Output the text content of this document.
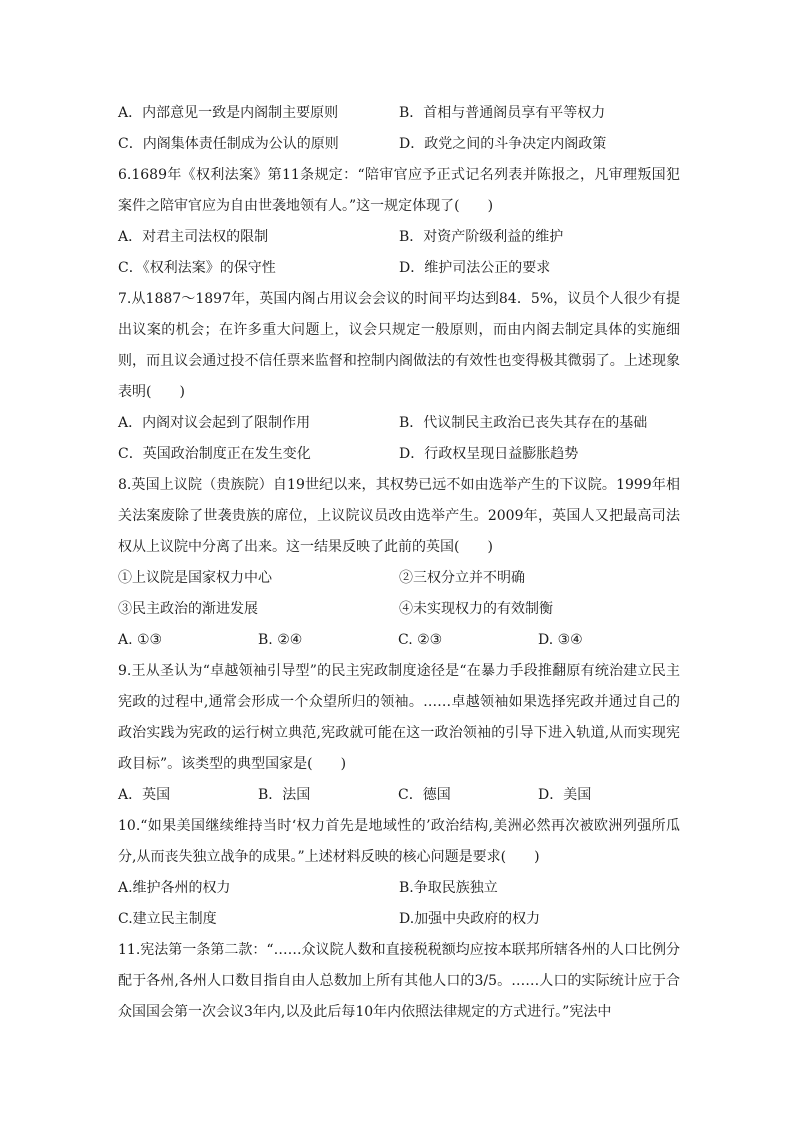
A．内部意见一致是内阁制主要原则	B．首相与普通阁员享有平等权力
C．内阁集体责任制成为公认的原则	D．政党之间的斗争决定内阁政策
6.1689年《权利法案》第11条规定：“陪审官应予正式记名列表并陈报之，凡审理叛国犯案件之陪审官应为自由世袭地领有人。”这一规定体现了(　　)
A．对君主司法权的限制	B．对资产阶级利益的维护
C．《权利法案》的保守性	D．维护司法公正的要求
7.从1887～1897年，英国内阁占用议会会议的时间平均达到84．5%，议员个人很少有提出议案的机会；在许多重大问题上，议会只规定一般原则，而由内阁去制定具体的实施细则，而且议会通过投不信任票来监督和控制内阁做法的有效性也变得极其微弱了。上述现象表明(　　)
A．内阁对议会起到了限制作用	B．代议制民主政治已丧失其存在的基础
C．英国政治制度正在发生变化	D．行政权呈现日益膨胀趋势
8.英国上议院（贵族院）自19世纪以来，其权势已远不如由选举产生的下议院。1999年相关法案废除了世袭贵族的席位，上议院议员改由选举产生。2009年，英国人又把最高司法权从上议院中分离了出来。这一结果反映了此前的英国(　　)
①上议院是国家权力中心	②三权分立并不明确
③民主政治的渐进发展	④未实现权力的有效制衡
A. ①③	B. ②④	C. ②③	D. ③④
9.王从圣认为“卓越领袖引导型”的民主宪政制度途径是“在暴力手段推翻原有统治建立民主宪政的过程中,通常会形成一个众望所归的领袖。……卓越领袖如果选择宪政并通过自己的政治实践为宪政的运行树立典范,宪政就可能在这一政治领袖的引导下进入轨道,从而实现宪政目标”。该类型的典型国家是(　　)
A．英国	B．法国	C．德国	D．美国
10.“如果美国继续维持当时‘权力首先是地域性的’政治结构,美洲必然再次被欧洲列强所瓜分,从而丧失独立战争的成果。”上述材料反映的核心问题是要求(　　)
A.维护各州的权力	B.争取民族独立
C.建立民主制度	D.加强中央政府的权力
11.宪法第一条第二款：“……众议院人数和直接税税额均应按本联邦所辖各州的人口比例分配于各州,各州人口数目指自由人总数加上所有其他人口的3/5。……人口的实际统计应于合众国国会第一次会议3年内,以及此后每10年内依照法律规定的方式进行。”宪法中
